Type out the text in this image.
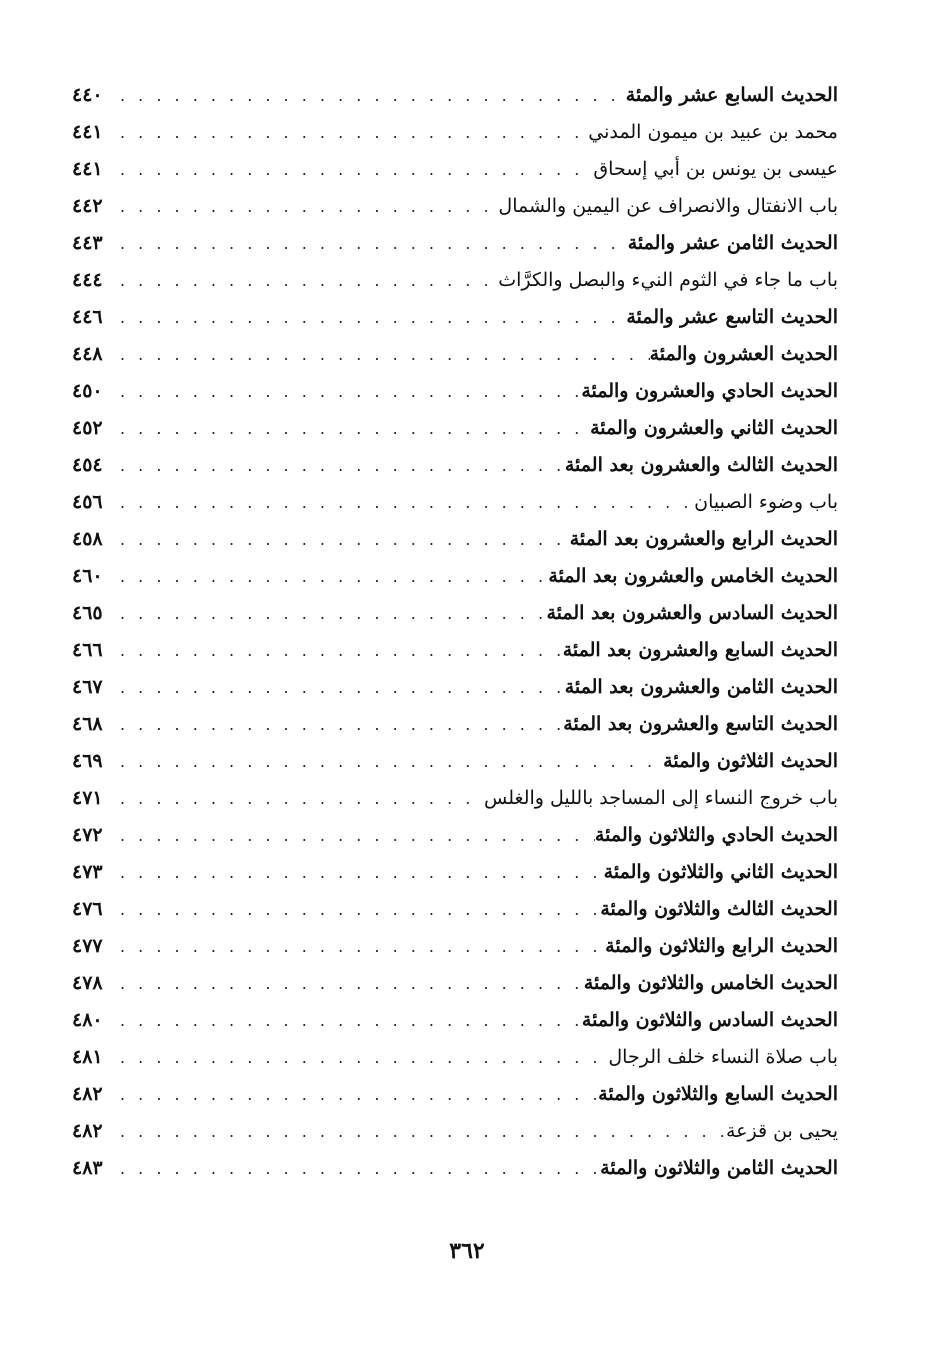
الحديث السابع عشر والمئة
. . .
٤٤٠
محمد بن عبيد بن ميمون المدني
. . .
٤٤١
عيسى بن يونس بن أبي إسحاق
. . .
٤٤١
باب الانفتال والانصراف عن اليمين والشمال
. . .
٤٤٢
الحديث الثامن عشر والمئة
. . .
٤٤٣
باب ما جاء في الثوم النيء والبصل والكرَّاث
. . .
٤٤٤
الحديث التاسع عشر والمئة
. . .
٤٤٦
الحديث العشرون والمئة
. . .
٤٤٨
الحديث الحادي والعشرون والمئة
. . .
٤٥٠
الحديث الثاني والعشرون والمئة
. . .
٤٥٢
الحديث الثالث والعشرون بعد المئة
. . .
٤٥٤
باب وضوء الصبيان
. . .
٤٥٦
الحديث الرابع والعشرون بعد المئة
. . .
٤٥٨
الحديث الخامس والعشرون بعد المئة
. . .
٤٦٠
الحديث السادس والعشرون بعد المئة
. . .
٤٦٥
الحديث السابع والعشرون بعد المئة
. . .
٤٦٦
الحديث الثامن والعشرون بعد المئة
. . .
٤٦٧
الحديث التاسع والعشرون بعد المئة
. . .
٤٦٨
الحديث الثلاثون والمئة
. . .
٤٦٩
باب خروج النساء إلى المساجد بالليل والغلس
. . .
٤٧١
الحديث الحادي والثلاثون والمئة
. . .
٤٧٢
الحديث الثاني والثلاثون والمئة
. . .
٤٧٣
الحديث الثالث والثلاثون والمئة
. . .
٤٧٦
الحديث الرابع والثلاثون والمئة
. . .
٤٧٧
الحديث الخامس والثلاثون والمئة
. . .
٤٧٨
الحديث السادس والثلاثون والمئة
. . .
٤٨٠
باب صلاة النساء خلف الرجال
. . .
٤٨١
الحديث السابع والثلاثون والمئة
. . .
٤٨٢
يحيى بن قزعة
. . .
٤٨٢
الحديث الثامن والثلاثون والمئة
. . .
٤٨٣
٣٦٢
